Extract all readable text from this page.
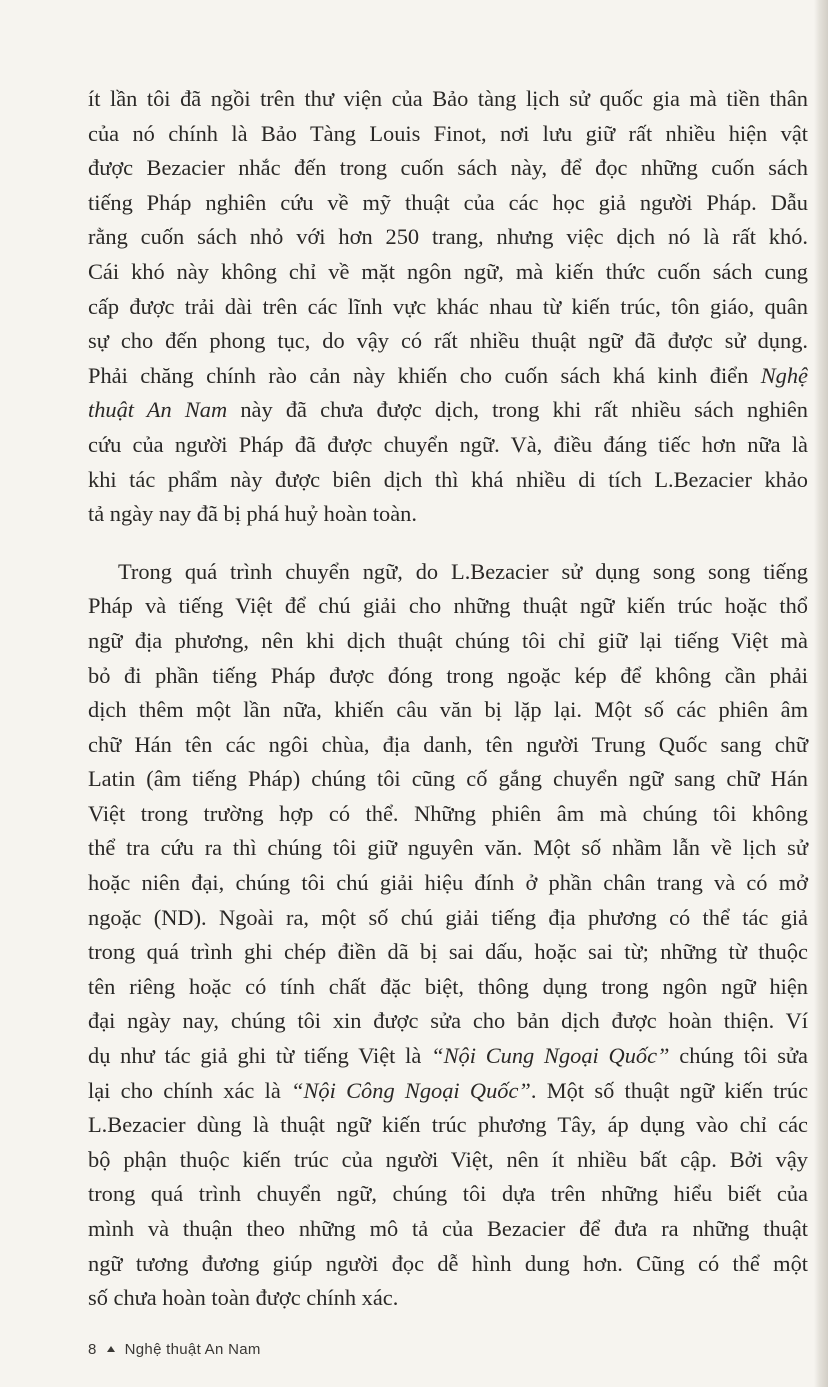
ít lần tôi đã ngồi trên thư viện của Bảo tàng lịch sử quốc gia mà tiền thân
của nó chính là Bảo Tàng Louis Finot, nơi lưu giữ rất nhiều hiện vật
được Bezacier nhắc đến trong cuốn sách này, để đọc những cuốn sách
tiếng Pháp nghiên cứu về mỹ thuật của các học giả người Pháp. Dẫu
rằng cuốn sách nhỏ với hơn 250 trang, nhưng việc dịch nó là rất khó.
Cái khó này không chỉ về mặt ngôn ngữ, mà kiến thức cuốn sách cung
cấp được trải dài trên các lĩnh vực khác nhau từ kiến trúc, tôn giáo, quân
sự cho đến phong tục, do vậy có rất nhiều thuật ngữ đã được sử dụng.
Phải chăng chính rào cản này khiến cho cuốn sách khá kinh điển Nghệ
thuật An Nam này đã chưa được dịch, trong khi rất nhiều sách nghiên
cứu của người Pháp đã được chuyển ngữ. Và, điều đáng tiếc hơn nữa là
khi tác phẩm này được biên dịch thì khá nhiều di tích L.Bezacier khảo
tả ngày nay đã bị phá huỷ hoàn toàn.

Trong quá trình chuyển ngữ, do L.Bezacier sử dụng song song tiếng
Pháp và tiếng Việt để chú giải cho những thuật ngữ kiến trúc hoặc thổ
ngữ địa phương, nên khi dịch thuật chúng tôi chỉ giữ lại tiếng Việt mà
bỏ đi phần tiếng Pháp được đóng trong ngoặc kép để không cần phải
dịch thêm một lần nữa, khiến câu văn bị lặp lại. Một số các phiên âm
chữ Hán tên các ngôi chùa, địa danh, tên người Trung Quốc sang chữ
Latin (âm tiếng Pháp) chúng tôi cũng cố gắng chuyển ngữ sang chữ Hán
Việt trong trường hợp có thể. Những phiên âm mà chúng tôi không
thể tra cứu ra thì chúng tôi giữ nguyên văn. Một số nhầm lẫn về lịch sử
hoặc niên đại, chúng tôi chú giải hiệu đính ở phần chân trang và có mở
ngoặc (ND). Ngoài ra, một số chú giải tiếng địa phương có thể tác giả
trong quá trình ghi chép điền dã bị sai dấu, hoặc sai từ; những từ thuộc
tên riêng hoặc có tính chất đặc biệt, thông dụng trong ngôn ngữ hiện
đại ngày nay, chúng tôi xin được sửa cho bản dịch được hoàn thiện. Ví
dụ như tác giả ghi từ tiếng Việt là “Nội Cung Ngoại Quốc” chúng tôi sửa
lại cho chính xác là “Nội Công Ngoại Quốc”. Một số thuật ngữ kiến trúc
L.Bezacier dùng là thuật ngữ kiến trúc phương Tây, áp dụng vào chỉ các
bộ phận thuộc kiến trúc của người Việt, nên ít nhiều bất cập. Bởi vậy
trong quá trình chuyển ngữ, chúng tôi dựa trên những hiểu biết của
mình và thuận theo những mô tả của Bezacier để đưa ra những thuật
ngữ tương đương giúp người đọc dễ hình dung hơn. Cũng có thể một
số chưa hoàn toàn được chính xác.

8 Nghệ thuật An Nam
